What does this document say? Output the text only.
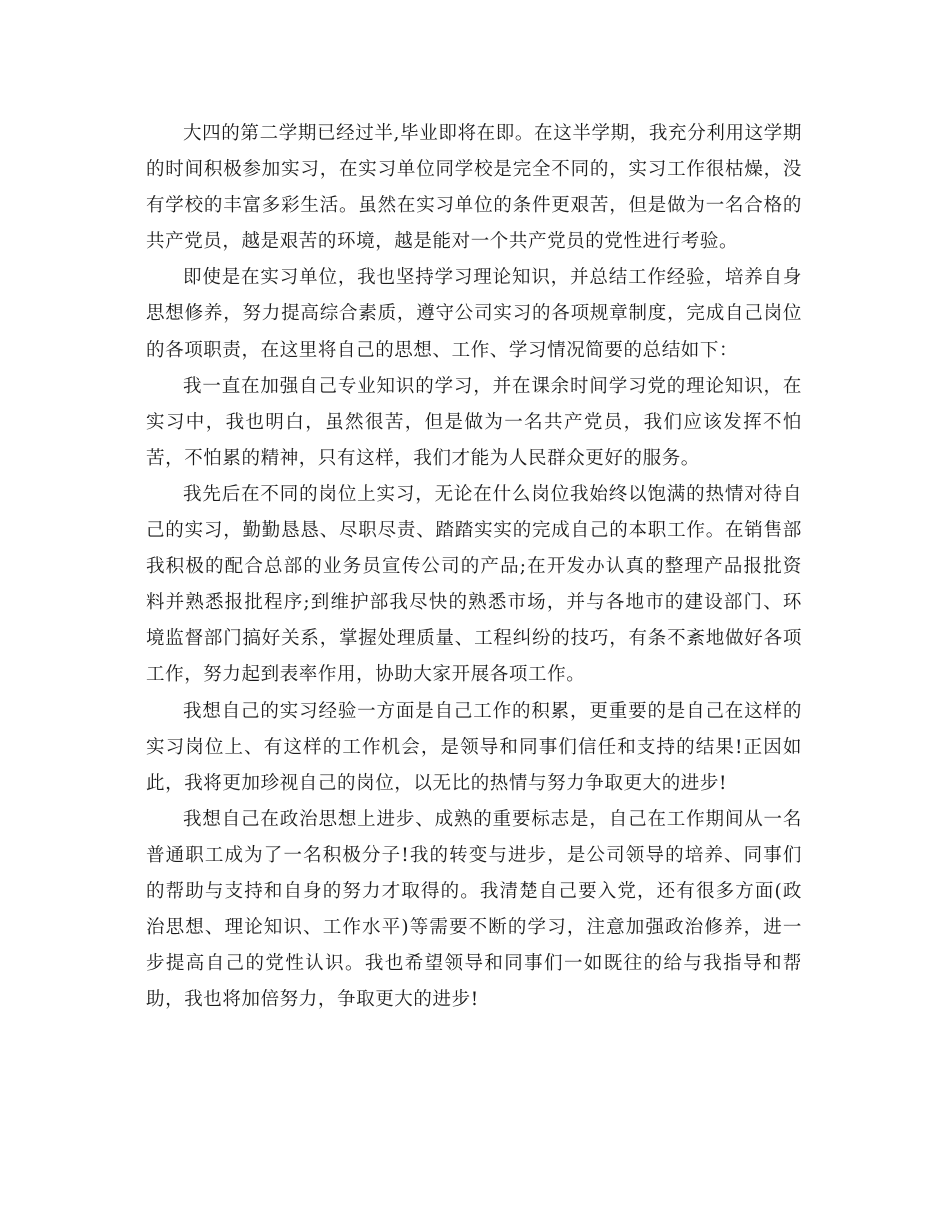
大四的第二学期已经过半,毕业即将在即。在这半学期，我充分利用这学期的时间积极参加实习，在实习单位同学校是完全不同的，实习工作很枯燥，没有学校的丰富多彩生活。虽然在实习单位的条件更艰苦，但是做为一名合格的共产党员，越是艰苦的环境，越是能对一个共产党员的党性进行考验。

即使是在实习单位，我也坚持学习理论知识，并总结工作经验，培养自身思想修养，努力提高综合素质，遵守公司实习的各项规章制度，完成自己岗位的各项职责，在这里将自己的思想、工作、学习情况简要的总结如下：

我一直在加强自己专业知识的学习，并在课余时间学习党的理论知识，在实习中，我也明白，虽然很苦，但是做为一名共产党员，我们应该发挥不怕苦，不怕累的精神，只有这样，我们才能为人民群众更好的服务。

我先后在不同的岗位上实习，无论在什么岗位我始终以饱满的热情对待自己的实习，勤勤恳恳、尽职尽责、踏踏实实的完成自己的本职工作。在销售部我积极的配合总部的业务员宣传公司的产品;在开发办认真的整理产品报批资料并熟悉报批程序;到维护部我尽快的熟悉市场，并与各地市的建设部门、环境监督部门搞好关系，掌握处理质量、工程纠纷的技巧，有条不紊地做好各项工作，努力起到表率作用，协助大家开展各项工作。

我想自己的实习经验一方面是自己工作的积累，更重要的是自己在这样的实习岗位上、有这样的工作机会，是领导和同事们信任和支持的结果!正因如此，我将更加珍视自己的岗位，以无比的热情与努力争取更大的进步!

我想自己在政治思想上进步、成熟的重要标志是，自己在工作期间从一名普通职工成为了一名积极分子!我的转变与进步，是公司领导的培养、同事们的帮助与支持和自身的努力才取得的。我清楚自己要入党，还有很多方面(政治思想、理论知识、工作水平)等需要不断的学习，注意加强政治修养，进一步提高自己的党性认识。我也希望领导和同事们一如既往的给与我指导和帮助，我也将加倍努力，争取更大的进步!
